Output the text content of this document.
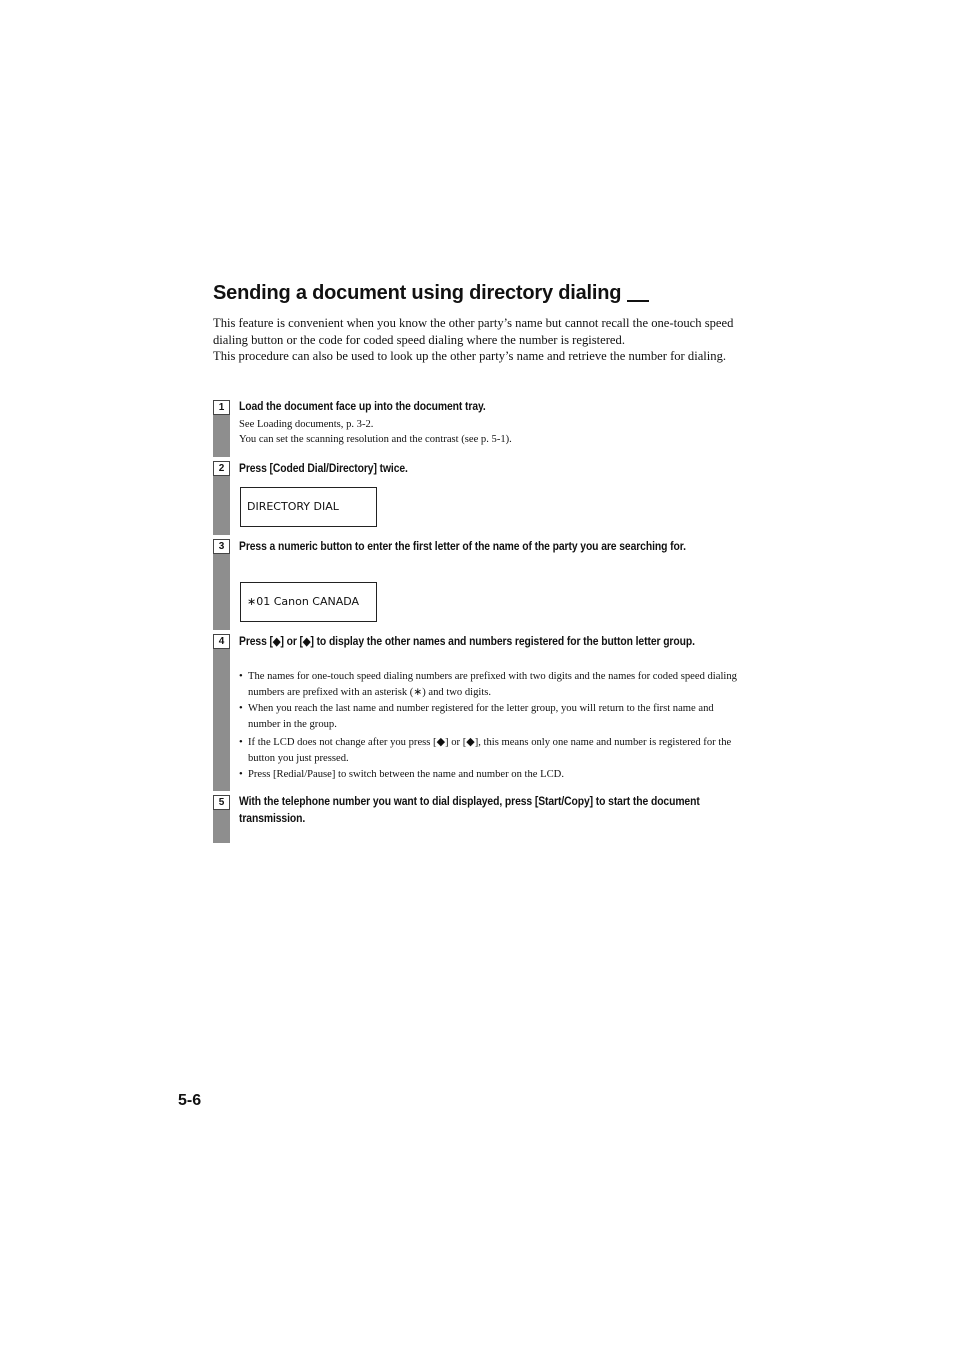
Sending a document using directory dialing

This feature is convenient when you know the other party’s name but cannot recall the one-touch speed dialing button or the code for coded speed dialing where the number is registered.

This procedure can also be used to look up the other party’s name and retrieve the number for dialing.

1	Load the document face up into the document tray.

See Loading documents, p. 3-2.

You can set the scanning resolution and the contrast (see p. 5-1).

2	Press [Coded Dial/Directory] twice.

DIRECTORY DIAL
3	Press a numeric button to enter the first letter of the name of the party you are searching for.

∗01 Canon CANADA
4	Press [◆] or [◆] to display the other names and numbers registered for the button letter group.

• The names for one-touch speed dialing numbers are prefixed with two digits and the names for coded speed dialing numbers are prefixed with an asterisk (∗) and two digits.
• When you reach the last name and number registered for the letter group, you will return to the first name and number in the group.
• If the LCD does not change after you press [◆] or [◆], this means only one name and number is registered for the button you just pressed.
• Press [Redial/Pause] to switch between the name and number on the LCD.
5	With the telephone number you want to dial displayed, press [Start/Copy] to start the document transmission.

5-6
